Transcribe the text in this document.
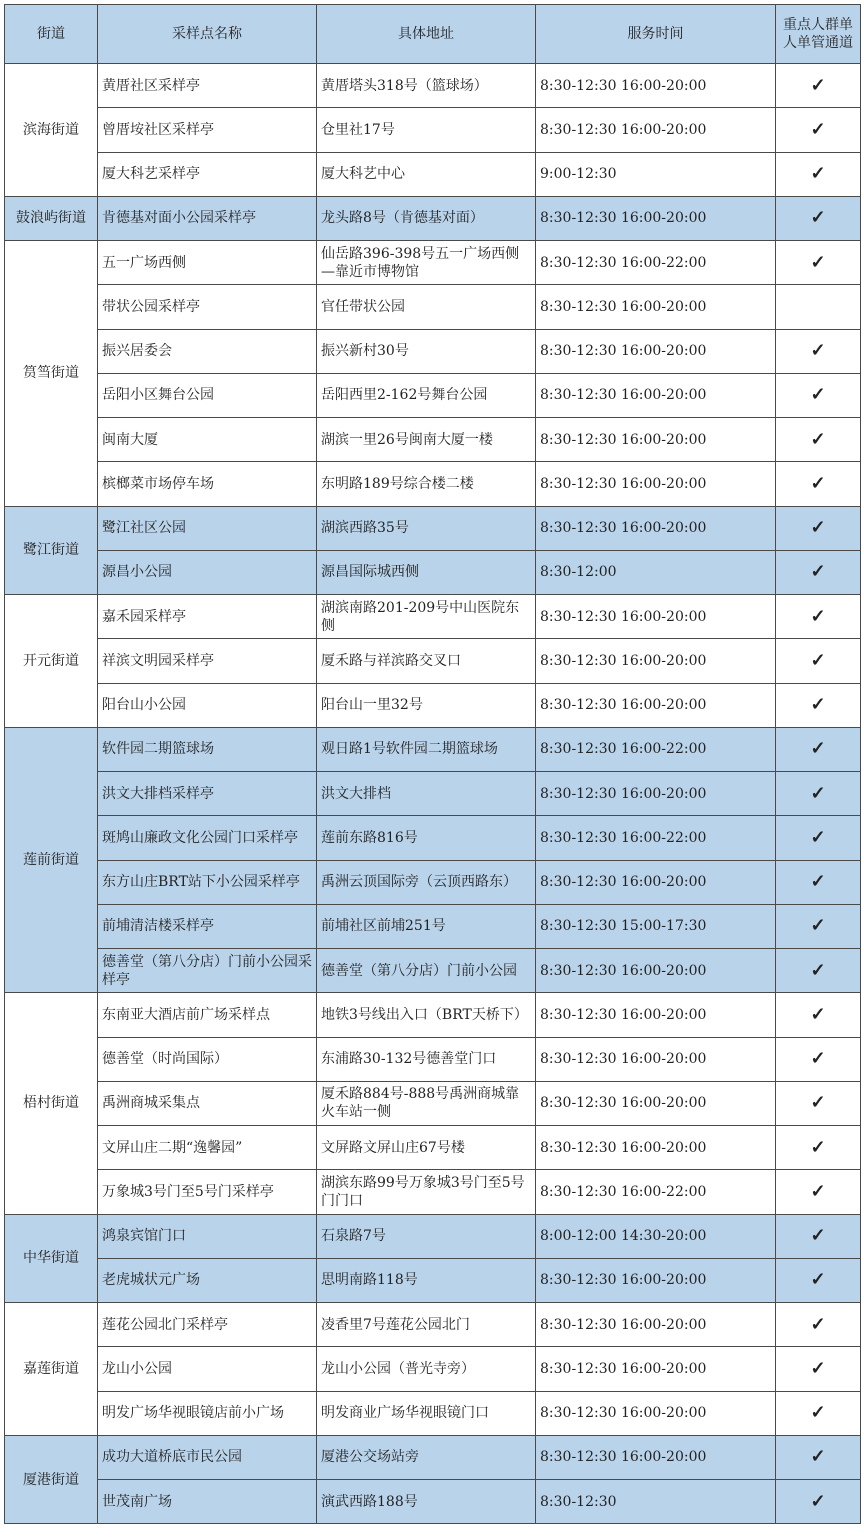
街道	采样点名称	具体地址	服务时间	重点人群单人单管通道
滨海街道	黄厝社区采样亭	黄厝塔头318号（篮球场）	8:30-12:30 16:00-20:00	✓
	曾厝垵社区采样亭	仓里社17号	8:30-12:30 16:00-20:00	✓
	厦大科艺采样亭	厦大科艺中心	9:00-12:30	✓
鼓浪屿街道	肯德基对面小公园采样亭	龙头路8号（肯德基对面）	8:30-12:30 16:00-20:00	✓
筼筜街道	五一广场西侧	仙岳路396-398号五一广场西侧—靠近市博物馆	8:30-12:30 16:00-22:00	✓
	带状公园采样亭	官任带状公园	8:30-12:30 16:00-20:00	
	振兴居委会	振兴新村30号	8:30-12:30 16:00-20:00	✓
	岳阳小区舞台公园	岳阳西里2-162号舞台公园	8:30-12:30 16:00-20:00	✓
	闽南大厦	湖滨一里26号闽南大厦一楼	8:30-12:30 16:00-20:00	✓
	槟榔菜市场停车场	东明路189号综合楼二楼	8:30-12:30 16:00-20:00	✓
鹭江街道	鹭江社区公园	湖滨西路35号	8:30-12:30 16:00-20:00	✓
	源昌小公园	源昌国际城西侧	8:30-12:00	✓
开元街道	嘉禾园采样亭	湖滨南路201-209号中山医院东侧	8:30-12:30 16:00-20:00	✓
	祥滨文明园采样亭	厦禾路与祥滨路交叉口	8:30-12:30 16:00-20:00	✓
	阳台山小公园	阳台山一里32号	8:30-12:30 16:00-20:00	✓
莲前街道	软件园二期篮球场	观日路1号软件园二期篮球场	8:30-12:30 16:00-22:00	✓
	洪文大排档采样亭	洪文大排档	8:30-12:30 16:00-20:00	✓
	斑鸠山廉政文化公园门口采样亭	莲前东路816号	8:30-12:30 16:00-22:00	✓
	东方山庄BRT站下小公园采样亭	禹洲云顶国际旁（云顶西路东）	8:30-12:30 16:00-20:00	✓
	前埔清洁楼采样亭	前埔社区前埔251号	8:30-12:30 15:00-17:30	✓
	德善堂（第八分店）门前小公园采样亭	德善堂（第八分店）门前小公园	8:30-12:30 16:00-20:00	✓
梧村街道	东南亚大酒店前广场采样点	地铁3号线出入口（BRT天桥下）	8:30-12:30 16:00-20:00	✓
	德善堂（时尚国际）	东浦路30-132号德善堂门口	8:30-12:30 16:00-20:00	✓
	禹洲商城采集点	厦禾路884号-888号禹洲商城靠火车站一侧	8:30-12:30 16:00-20:00	✓
	文屏山庄二期“逸馨园”	文屏路文屏山庄67号楼	8:30-12:30 16:00-20:00	✓
	万象城3号门至5号门采样亭	湖滨东路99号万象城3号门至5号门门口	8:30-12:30 16:00-22:00	✓
中华街道	鸿泉宾馆门口	石泉路7号	8:00-12:00 14:30-20:00	✓
	老虎城状元广场	思明南路118号	8:30-12:30 16:00-20:00	✓
嘉莲街道	莲花公园北门采样亭	凌香里7号莲花公园北门	8:30-12:30 16:00-20:00	✓
	龙山小公园	龙山小公园（普光寺旁）	8:30-12:30 16:00-20:00	✓
	明发广场华视眼镜店前小广场	明发商业广场华视眼镜门口	8:30-12:30 16:00-20:00	✓
厦港街道	成功大道桥底市民公园	厦港公交场站旁	8:30-12:30 16:00-20:00	✓
	世茂南广场	演武西路188号	8:30-12:30	✓
